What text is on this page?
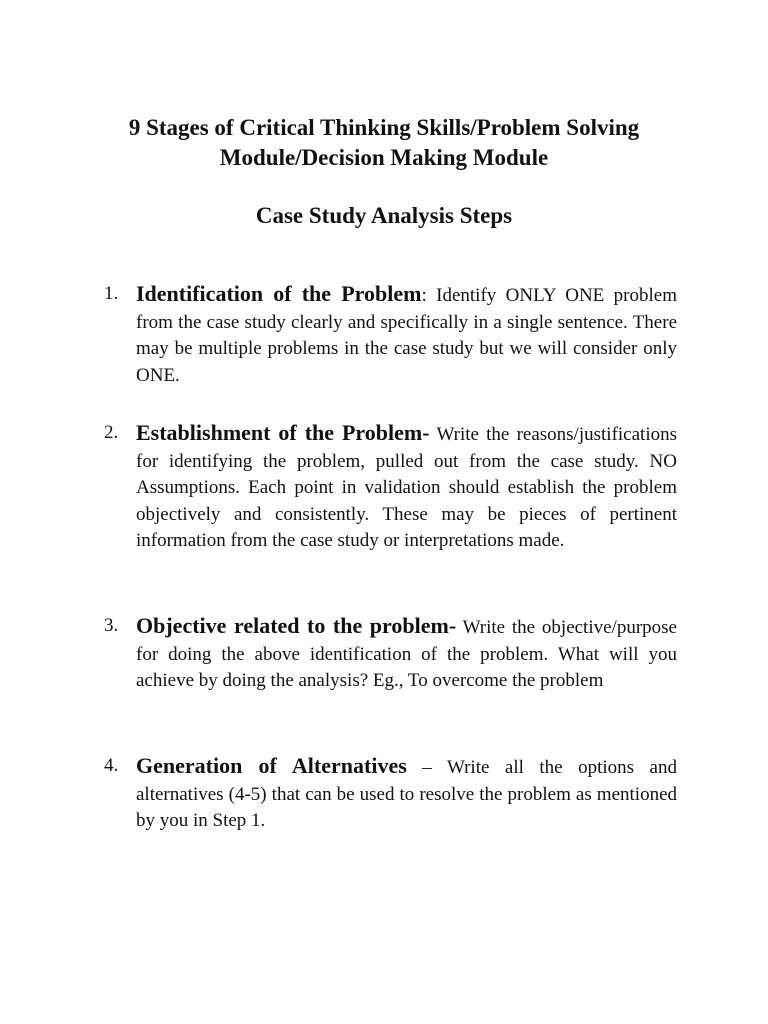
9 Stages of Critical Thinking Skills/Problem Solving
Module/Decision Making Module
Case Study Analysis Steps
1. Identification of the Problem: Identify ONLY ONE problem from the case study clearly and specifically in a single sentence. There may be multiple problems in the case study but we will consider only ONE.
2. Establishment of the Problem- Write the reasons/justifications for identifying the problem, pulled out from the case study. NO Assumptions. Each point in validation should establish the problem objectively and consistently. These may be pieces of pertinent information from the case study or interpretations made.
3. Objective related to the problem- Write the objective/purpose for doing the above identification of the problem. What will you achieve by doing the analysis? Eg., To overcome the problem
4. Generation of Alternatives – Write all the options and alternatives (4-5) that can be used to resolve the problem as mentioned by you in Step 1.
